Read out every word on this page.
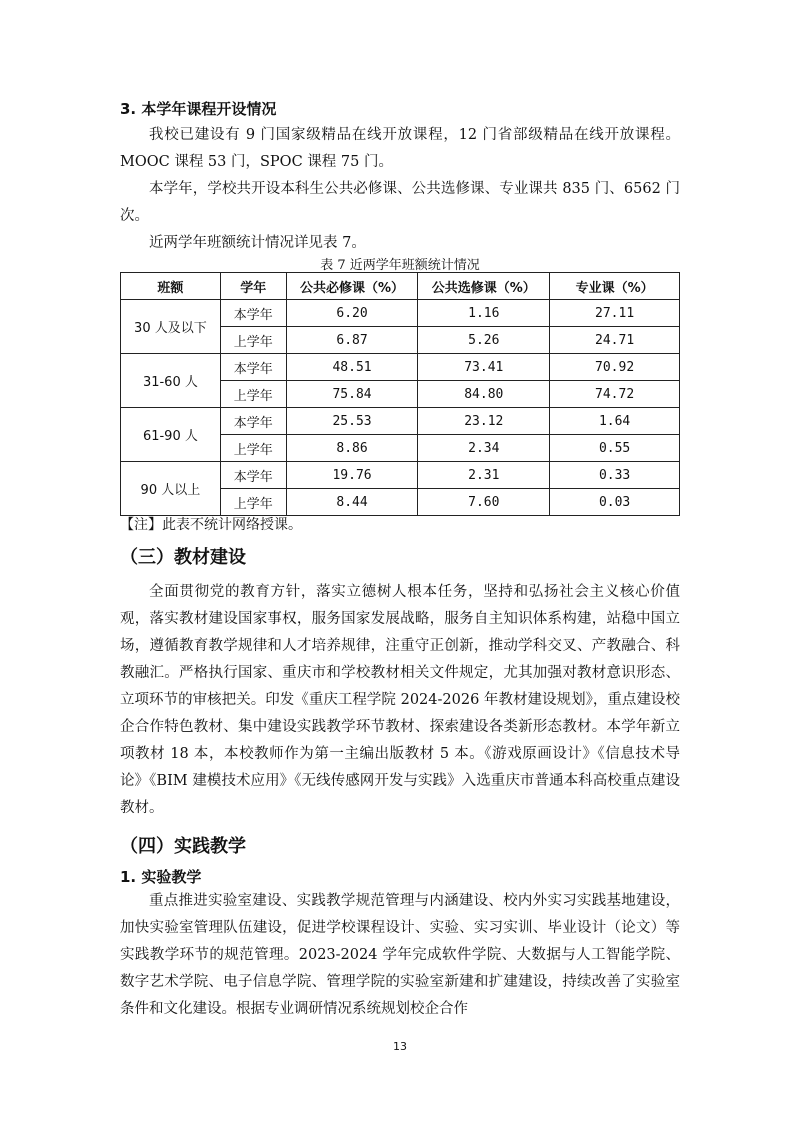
3. 本学年课程开设情况
我校已建设有 9 门国家级精品在线开放课程，12 门省部级精品在线开放课程。MOOC 课程 53 门，SPOC 课程 75 门。
本学年，学校共开设本科生公共必修课、公共选修课、专业课共 835 门、6562 门次。
近两学年班额统计情况详见表 7。
表 7 近两学年班额统计情况
班额	学年	公共必修课（%）	公共选修课（%）	专业课（%）
30 人及以下	本学年	6.20	1.16	27.11
	上学年	6.87	5.26	24.71
31-60 人	本学年	48.51	73.41	70.92
	上学年	75.84	84.80	74.72
61-90 人	本学年	25.53	23.12	1.64
	上学年	8.86	2.34	0.55
90 人以上	本学年	19.76	2.31	0.33
	上学年	8.44	7.60	0.03
【注】此表不统计网络授课。
（三）教材建设
全面贯彻党的教育方针，落实立德树人根本任务，坚持和弘扬社会主义核心价值观，落实教材建设国家事权，服务国家发展战略，服务自主知识体系构建，站稳中国立场，遵循教育教学规律和人才培养规律，注重守正创新，推动学科交叉、产教融合、科教融汇。严格执行国家、重庆市和学校教材相关文件规定，尤其加强对教材意识形态、立项环节的审核把关。印发《重庆工程学院 2024-2026 年教材建设规划》，重点建设校企合作特色教材、集中建设实践教学环节教材、探索建设各类新形态教材。本学年新立项教材 18 本，本校教师作为第一主编出版教材 5 本。《游戏原画设计》《信息技术导论》《BIM 建模技术应用》《无线传感网开发与实践》入选重庆市普通本科高校重点建设教材。
（四）实践教学
1. 实验教学
重点推进实验室建设、实践教学规范管理与内涵建设、校内外实习实践基地建设，加快实验室管理队伍建设，促进学校课程设计、实验、实习实训、毕业设计（论文）等实践教学环节的规范管理。2023-2024 学年完成软件学院、大数据与人工智能学院、数字艺术学院、电子信息学院、管理学院的实验室新建和扩建建设，持续改善了实验室条件和文化建设。根据专业调研情况系统规划校企合作
13
